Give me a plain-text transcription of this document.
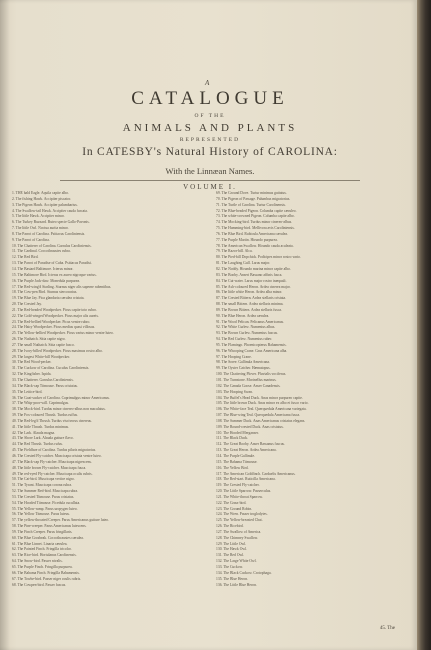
A
CATALOGUE
OF THE
ANIMALS AND PLANTS
REPRESENTED
In CATESBY's Natural History of CAROLINA:
With the Linnæan Names.
VOLUME I.
1. THE bald Eagle. Aquila capite albo.
2. The fishing Hawk. Accipiter piscator.
3. The Pigeon Hawk. Accipiter palumbarius.
4. The Swallow-tail Hawk. Accipiter cauda furcata.
5. The little Hawk. Accipiter minor.
6. The Turkey Buzzard. Buteo specie Gallo-Pavonis.
7. The little Owl. Noctua aurita minor.
8. The Parrot of Carolina. Psittacus Caroliniensis.
9. The Parrot of Carolina.
10. The Chatterer of Carolina. Garrulus Caroliniensis.
11. The Cardinal. Coccothraustes rubra.
12. The Red Bird.
13. The Parrot of Paradise of Cuba. Psittacus Paradisi.
14. The Bastard Baltimore. Icterus minor.
15. The Baltimore Bird. Icterus ex aureo nigroque varius.
16. The Purple Jack-daw. Monedula purpurea.
17. The Red-wing'd Starling. Sturnus niger alis superne rubentibus.
18. The Cow-pen Bird. Sturnus stercorarius.
19. The Blue Jay. Pica glandaria cærulea cristata.
20. The Crested Jay.
21. The Red-headed Woodpecker. Picus capite toto rubro.
22. The Gold-winged Woodpecker. Picus major alis aureis.
23. The Red-bellied Woodpecker. Picus ventre rubro.
24. The Hairy Woodpecker. Picus medius quasi villosus.
25. The Yellow-bellied Woodpecker. Picus varius minor ventre luteo.
26. The Nuthatch. Sitta capite nigro.
27. The small Nuthatch. Sitta capite fusco.
28. The Ivory-billed Woodpecker. Picus maximus rostro albo.
29. The largest White-bill Woodpecker.
30. The Red Wood-pecker.
31. The Cuckow of Carolina. Cuculus Caroliniensis.
32. The Kingfisher. Ispida.
33. The Chatterer. Garrulus Caroliniensis.
34. The Black-cap Titmouse. Parus cristatus.
35. The Lettice-bird.
36. The Goat-sucker of Carolina. Caprimulgus minor Americanus.
37. The Whip-poor-will. Caprimulgus.
38. The Mock-bird. Turdus minor cinereo-albus non maculatus.
39. The Fox-coloured Thrush. Turdus ruffus.
40. The Red-leg'd Thrush. Turdus viscivorus cinereus.
41. The little Thrush. Turdus minimus.
42. The Lark. Alauda magna.
43. The Shore Lark. Alauda gutture flavo.
44. The Red Thrush. Turdus rufus.
45. The Fieldfare of Carolina. Turdus pilaris migratorius.
46. The Crested Fly-catcher. Muscicapa cristata ventre luteo.
47. The Black-cap Fly-catcher. Muscicapa nigrescens.
48. The little brown Fly-catcher. Muscicapa fusca.
49. The red-eyed Fly-catcher. Muscicapa oculis rubris.
50. The Cat-bird. Muscicapa vertice nigro.
51. The Tyrant. Muscicapa corona rubra.
52. The Summer Red-bird. Muscicapa rubra.
53. The Crested Titmouse. Parus cristatus.
54. The Hooded Titmouse. Ficedula cucullata.
55. The Yellow-rump. Parus uropygeo luteo.
56. The Yellow Titmouse. Parus luteus.
57. The yellow-throated Creeper. Parus Americanus gutture luteo.
58. The Pine-creeper. Parus Americanus lutescens.
59. The Finch Creeper. Parus fringillaris.
60. The Blue Grosbeak. Coccothraustes cærulea.
61. The Blue Linnet. Linaria cærulea.
62. The Painted Finch. Fringilla tricolor.
63. The Rice-bird. Hortulanus Carolinensis.
64. The Snow-bird. Passer nivalis.
65. The Purple Finch. Fringilla purpurea.
66. The Bahama Finch. Fringilla Bahamensis.
67. The Towhe-bird. Passer niger oculis rubris.
68. The Cowpen-bird. Passer fuscus.
69. The Ground Dove. Turtur minimus guttatus.
70. The Pigeon of Passage. Palumbus migratorius.
71. The Turtle of Carolina. Turtur Carolinensis.
72. The Blue-headed Pigeon. Columba capite cæruleo.
73. The white-crowned Pigeon. Columba capite albo.
74. The Mocking-bird. Turdus minor cinereo-albus.
75. The Humming-bird. Mellivora avis Caroliniensis.
76. The Blue Bird. Rubicula Americana cærulea.
77. The Purple Martin. Hirundo purpurea.
78. The American Swallow. Hirundo cauda aculeata.
79. The Razor-bill. Alca.
80. The Pied-bill Dopchick. Podicipes minor rostro vario.
81. The Laughing Gull. Larus major.
82. The Noddy. Hirundo marina minor capite albo.
83. The Booby. Anseri Bassano affinis fusca.
84. The Cut-water. Larus major rostro inæquali.
85. The Ash-coloured Heron. Ardea cinerea major.
86. The little white Heron. Ardea alba minor.
87. The Crested Bittern. Ardea stellaris cristata.
88. The small Bittern. Ardea stellaris minima.
89. The Brown Bittern. Ardea stellaris fusca.
90. The Blue Heron. Ardea cærulea.
91. The Wood Pelican. Pelicanus Americanus.
92. The White Curlew. Numenius albus.
93. The Brown Curlew. Numenius fuscus.
94. The Red Curlew. Numenius ruber.
95. The Flamingo. Phoenicopterus Bahamensis.
96. The Whooping Crane. Grus Americana alba.
97. The Hooping Crane.
98. The Soree. Gallinula Americana.
99. The Oyster Catcher. Hæmatopus.
100. The Chattering Plover. Pluvialis vociferus.
101. The Turnstone. Morinellus marinus.
102. The Canada Goose. Anser Canadensis.
103. The Hooping Swan.
104. The Buffel's Head Duck. Anas minor purpureo capite.
105. The little brown Duck. Anas minor ex albo et fusco vario.
106. The White-face Teal. Querquedula Americana variegata.
107. The Blue-wing Teal. Querquedula Americana fusca.
108. The Summer Duck. Anas Americanus cristatus elegans.
109. The Round-crested Duck. Anas cristatus.
110. The Hooded Merganser.
111. The Black Duck.
112. The Great Booby. Anser Bassanus fuscus.
113. The Great Heron. Ardea Americana.
114. The Purple Gallinule.
115. The Bahama Titmouse.
116. The Yellow Bird.
117. The American Goldfinch. Carduelis Americanus.
118. The Red-start. Ruticilla Americana.
119. The Crested Fly-catcher.
120. The Little Sparrow. Passerculus.
121. The White-throat Sparrow.
122. The Grass-bird.
123. The Ground Robin.
124. The Wren. Passer troglodytes.
125. The Yellow-breasted Chat.
126. The Ricebird.
127. The Swallow of America.
128. The Chimney Swallow.
129. The Little Owl.
130. The Hawk Owl.
131. The Red Owl.
132. The Large White Owl.
133. The Cuckow.
134. The Black Cuckow. Crotophaga.
135. The Blue Heron.
136. The Little Blue Heron.
45. The
